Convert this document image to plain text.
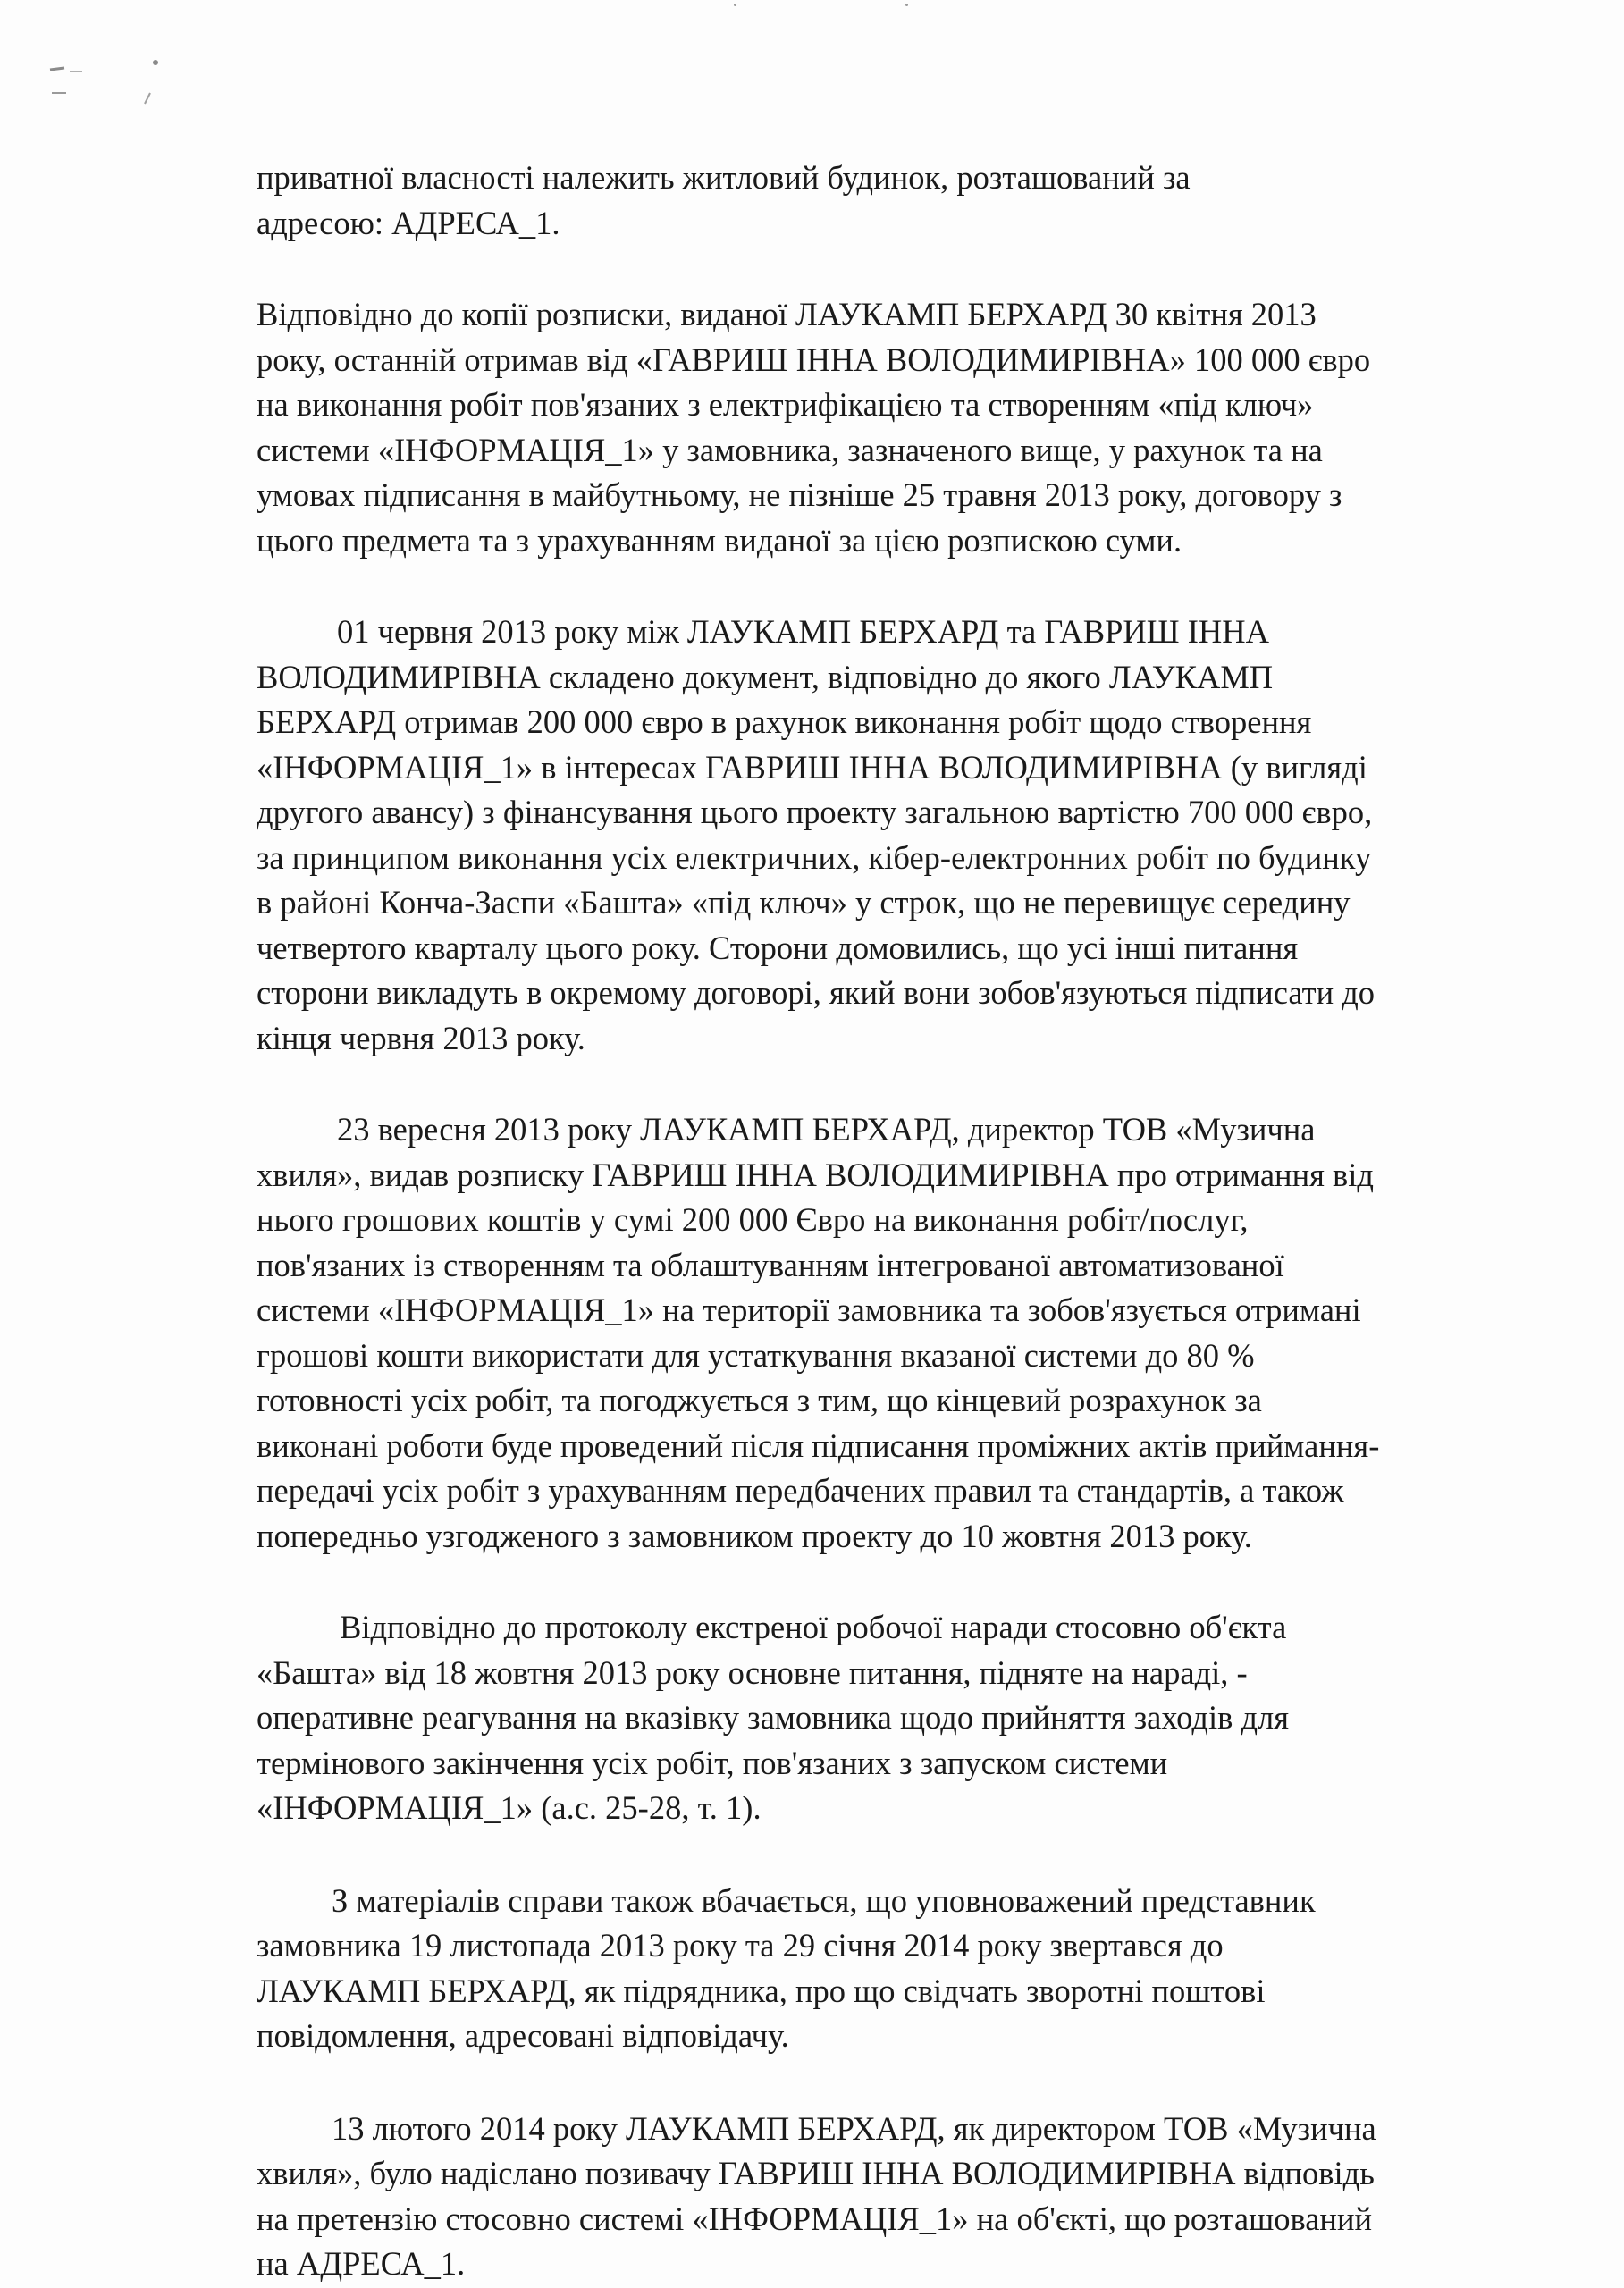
приватної власності належить житловий будинок, розташований за
адресою: АДРЕСА_1.

Відповідно до копії розписки, виданої ЛАУКАМП БЕРХАРД 30 квітня 2013
року, останній отримав від «ГАВРИШ ІННА ВОЛОДИМИРІВНА» 100 000 євро
на виконання робіт пов'язаних з електрифікацією та створенням «під ключ»
системи «ІНФОРМАЦІЯ_1» у замовника, зазначеного вище, у рахунок та на
умовах підписання в майбутньому, не пізніше 25 травня 2013 року, договору з
цього предмета та з урахуванням виданої за цією розпискою суми.

01 червня 2013 року між ЛАУКАМП БЕРХАРД та ГАВРИШ ІННА
ВОЛОДИМИРІВНА складено документ, відповідно до якого ЛАУКАМП
БЕРХАРД отримав 200 000 євро в рахунок виконання робіт щодо створення
«ІНФОРМАЦІЯ_1» в інтересах ГАВРИШ ІННА ВОЛОДИМИРІВНА (у вигляді
другого авансу) з фінансування цього проекту загальною вартістю 700 000 євро,
за принципом виконання усіх електричних, кібер-електронних робіт по будинку
в районі Конча-Заспи «Башта» «під ключ» у строк, що не перевищує середину
четвертого кварталу цього року. Сторони домовились, що усі інші питання
сторони викладуть в окремому договорі, який вони зобов'язуються підписати до
кінця червня 2013 року.

23 вересня 2013 року ЛАУКАМП БЕРХАРД, директор ТОВ «Музична
хвиля», видав розписку ГАВРИШ ІННА ВОЛОДИМИРІВНА про отримання від
нього грошових коштів у сумі 200 000 Євро на виконання робіт/послуг,
пов'язаних із створенням та облаштуванням інтегрованої автоматизованої
системи «ІНФОРМАЦІЯ_1» на території замовника та зобов'язується отримані
грошові кошти використати для устаткування вказаної системи до 80 %
готовності усіх робіт, та погоджується з тим, що кінцевий розрахунок за
виконані роботи буде проведений після підписання проміжних актів приймання-
передачі усіх робіт з урахуванням передбачених правил та стандартів, а також
попередньо узгодженого з замовником проекту до 10 жовтня 2013 року.

Відповідно до протоколу екстреної робочої наради стосовно об'єкта
«Башта» від 18 жовтня 2013 року основне питання, підняте на нараді, -
оперативне реагування на вказівку замовника щодо прийняття заходів для
термінового закінчення усіх робіт, пов'язаних з запуском системи
«ІНФОРМАЦІЯ_1» (а.с. 25-28, т. 1).

З матеріалів справи також вбачається, що уповноважений представник
замовника 19 листопада 2013 року та 29 січня 2014 року звертався до
ЛАУКАМП БЕРХАРД, як підрядника, про що свідчать зворотні поштові
повідомлення, адресовані відповідачу.

13 лютого 2014 року ЛАУКАМП БЕРХАРД, як директором ТОВ «Музична
хвиля», було надіслано позивачу ГАВРИШ ІННА ВОЛОДИМИРІВНА відповідь
на претензію стосовно системі «ІНФОРМАЦІЯ_1» на об'єкті, що розташований
на АДРЕСА_1.
